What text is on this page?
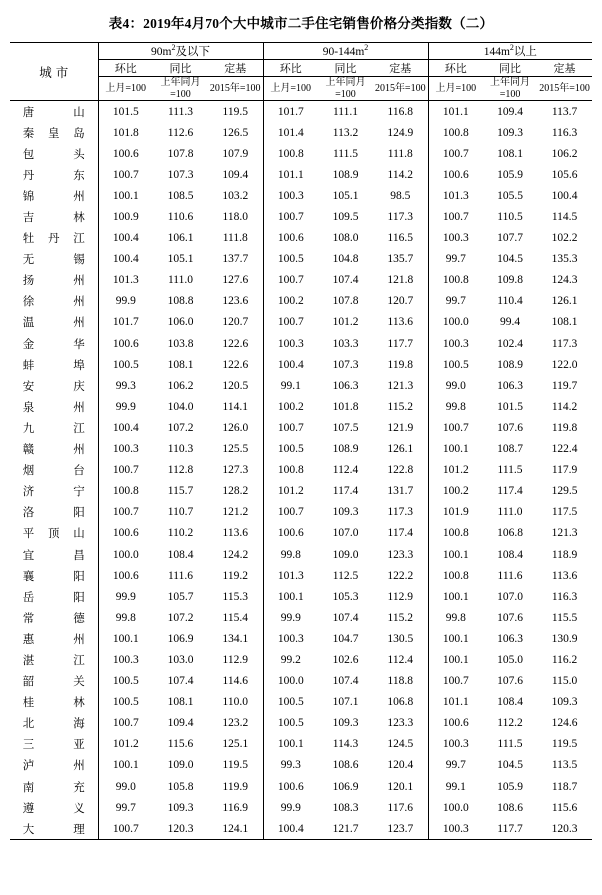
表4：2019年4月70个大中城市二手住宅销售价格分类指数（二）
城市	$90m^2$及以下			$90-144m^2$			$144m^2$以上		
	环比	同比	定基	环比	同比	定基	环比	同比	定基
	上月=100	上年同月=100	2015年=100	上月=100	上年同月=100	2015年=100	上月=100	上年同月=100	2015年=100
唐山	101.5	111.3	119.5	101.7	111.1	116.8	101.1	109.4	113.7
秦皇岛	101.8	112.6	126.5	101.4	113.2	124.9	100.8	109.3	116.3
包头	100.6	107.8	107.9	100.8	111.5	111.8	100.7	108.1	106.2
丹东	100.7	107.3	109.4	101.1	108.9	114.2	100.6	105.9	105.6
锦州	100.1	108.5	103.2	100.3	105.1	98.5	101.3	105.5	100.4
吉林	100.9	110.6	118.0	100.7	109.5	117.3	100.7	110.5	114.5
牡丹江	100.4	106.1	111.8	100.6	108.0	116.5	100.3	107.7	102.2
无锡	100.4	105.1	137.7	100.5	104.8	135.7	99.7	104.5	135.3
扬州	101.3	111.0	127.6	100.7	107.4	121.8	100.8	109.8	124.3
徐州	99.9	108.8	123.6	100.2	107.8	120.7	99.7	110.4	126.1
温州	101.7	106.0	120.7	100.7	101.2	113.6	100.0	99.4	108.1
金华	100.6	103.8	122.6	100.3	103.3	117.7	100.3	102.4	117.3
蚌埠	100.5	108.1	122.6	100.4	107.3	119.8	100.5	108.9	122.0
安庆	99.3	106.2	120.5	99.1	106.3	121.3	99.0	106.3	119.7
泉州	99.9	104.0	114.1	100.2	101.8	115.2	99.8	101.5	114.2
九江	100.4	107.2	126.0	100.7	107.5	121.9	100.7	107.6	119.8
赣州	100.3	110.3	125.5	100.5	108.9	126.1	100.1	108.7	122.4
烟台	100.7	112.8	127.3	100.8	112.4	122.8	101.2	111.5	117.9
济宁	100.8	115.7	128.2	101.2	117.4	131.7	100.2	117.4	129.5
洛阳	100.7	110.7	121.2	100.7	109.3	117.3	101.9	111.0	117.5
平顶山	100.6	110.2	113.6	100.6	107.0	117.4	100.8	106.8	121.3
宜昌	100.0	108.4	124.2	99.8	109.0	123.3	100.1	108.4	118.9
襄阳	100.6	111.6	119.2	101.3	112.5	122.2	100.8	111.6	113.6
岳阳	99.9	105.7	115.3	100.1	105.3	112.9	100.1	107.0	116.3
常德	99.8	107.2	115.4	99.9	107.4	115.2	99.8	107.6	115.5
惠州	100.1	106.9	134.1	100.3	104.7	130.5	100.1	106.3	130.9
湛江	100.3	103.0	112.9	99.2	102.6	112.4	100.1	105.0	116.2
韶关	100.5	107.4	114.6	100.0	107.4	118.8	100.7	107.6	115.0
桂林	100.5	108.1	110.0	100.5	107.1	106.8	101.1	108.4	109.3
北海	100.7	109.4	123.2	100.5	109.3	123.3	100.6	112.2	124.6
三亚	101.2	115.6	125.1	100.1	114.3	124.5	100.3	111.5	119.5
泸州	100.1	109.0	119.5	99.3	108.6	120.4	99.7	104.5	113.5
南充	99.0	105.8	119.9	100.6	106.9	120.1	99.1	105.9	118.7
遵义	99.7	109.3	116.9	99.9	108.3	117.6	100.0	108.6	115.6
大理	100.7	120.3	124.1	100.4	121.7	123.7	100.3	117.7	120.3
